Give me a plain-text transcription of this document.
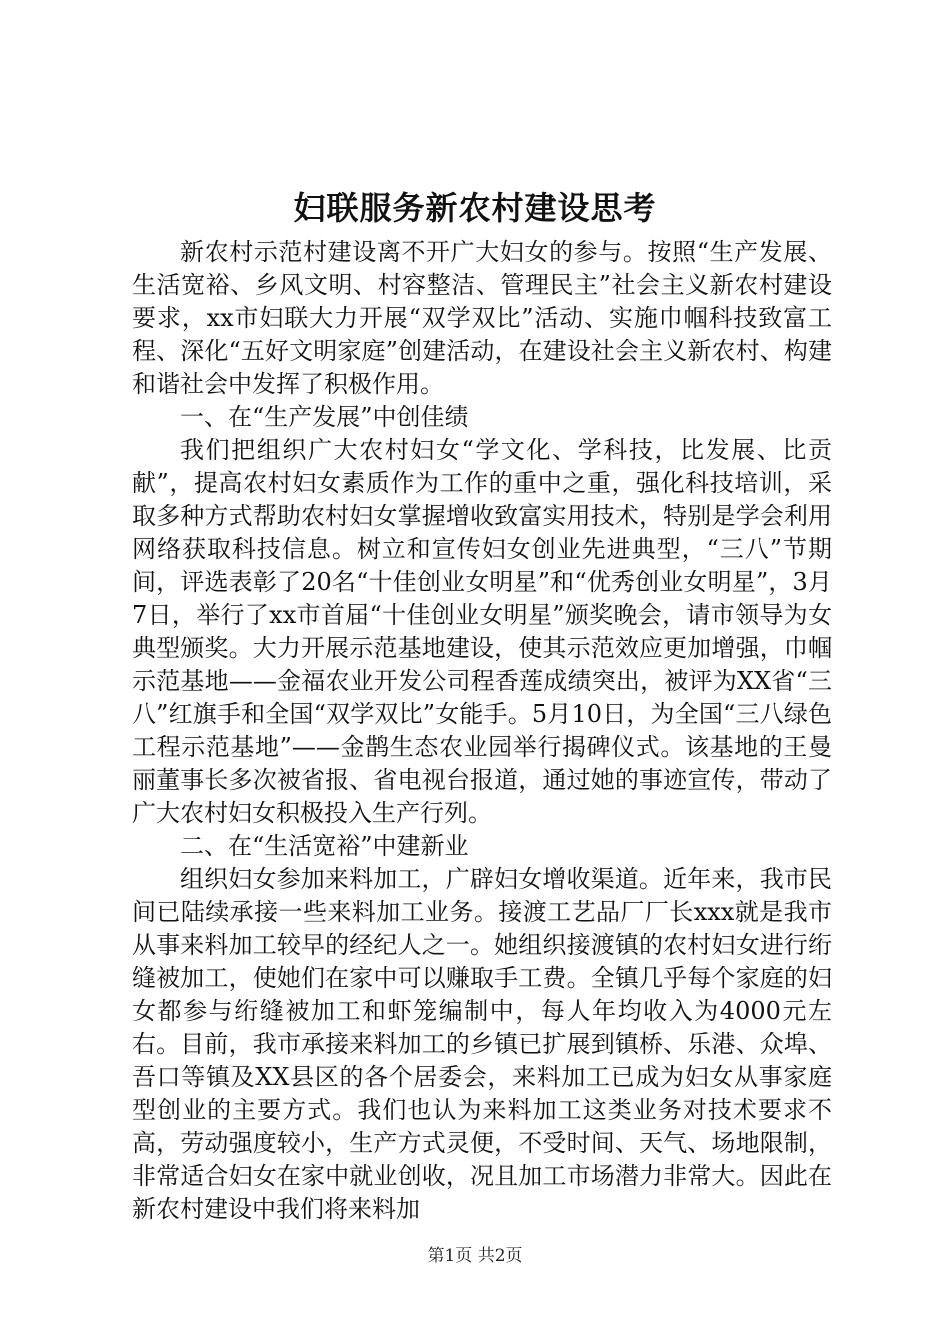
妇联服务新农村建设思考

新农村示范村建设离不开广大妇女的参与。按照“生产发展、生活宽裕、乡风文明、村容整洁、管理民主”社会主义新农村建设要求，xx市妇联大力开展“双学双比”活动、实施巾帼科技致富工程、深化“五好文明家庭”创建活动，在建设社会主义新农村、构建和谐社会中发挥了积极作用。

一、在“生产发展”中创佳绩

我们把组织广大农村妇女“学文化、学科技，比发展、比贡献”，提高农村妇女素质作为工作的重中之重，强化科技培训，采取多种方式帮助农村妇女掌握增收致富实用技术，特别是学会利用网络获取科技信息。树立和宣传妇女创业先进典型，“三八”节期间，评选表彰了20名“十佳创业女明星”和“优秀创业女明星”，3月7日，举行了xx市首届“十佳创业女明星”颁奖晚会，请市领导为女典型颁奖。大力开展示范基地建设，使其示范效应更加增强，巾帼示范基地——金福农业开发公司程香莲成绩突出，被评为XX省“三八”红旗手和全国“双学双比”女能手。5月10日，为全国“三八绿色工程示范基地”——金鹊生态农业园举行揭碑仪式。该基地的王曼丽董事长多次被省报、省电视台报道，通过她的事迹宣传，带动了广大农村妇女积极投入生产行列。

二、在“生活宽裕”中建新业

组织妇女参加来料加工，广辟妇女增收渠道。近年来，我市民间已陆续承接一些来料加工业务。接渡工艺品厂厂长xxx就是我市从事来料加工较早的经纪人之一。她组织接渡镇的农村妇女进行绗缝被加工，使她们在家中可以赚取手工费。全镇几乎每个家庭的妇女都参与绗缝被加工和虾笼编制中，每人年均收入为4000元左右。目前，我市承接来料加工的乡镇已扩展到镇桥、乐港、众埠、吾口等镇及XX县区的各个居委会，来料加工已成为妇女从事家庭型创业的主要方式。我们也认为来料加工这类业务对技术要求不高，劳动强度较小，生产方式灵便，不受时间、天气、场地限制，非常适合妇女在家中就业创收，况且加工市场潜力非常大。因此在新农村建设中我们将来料加

第1页 共2页
